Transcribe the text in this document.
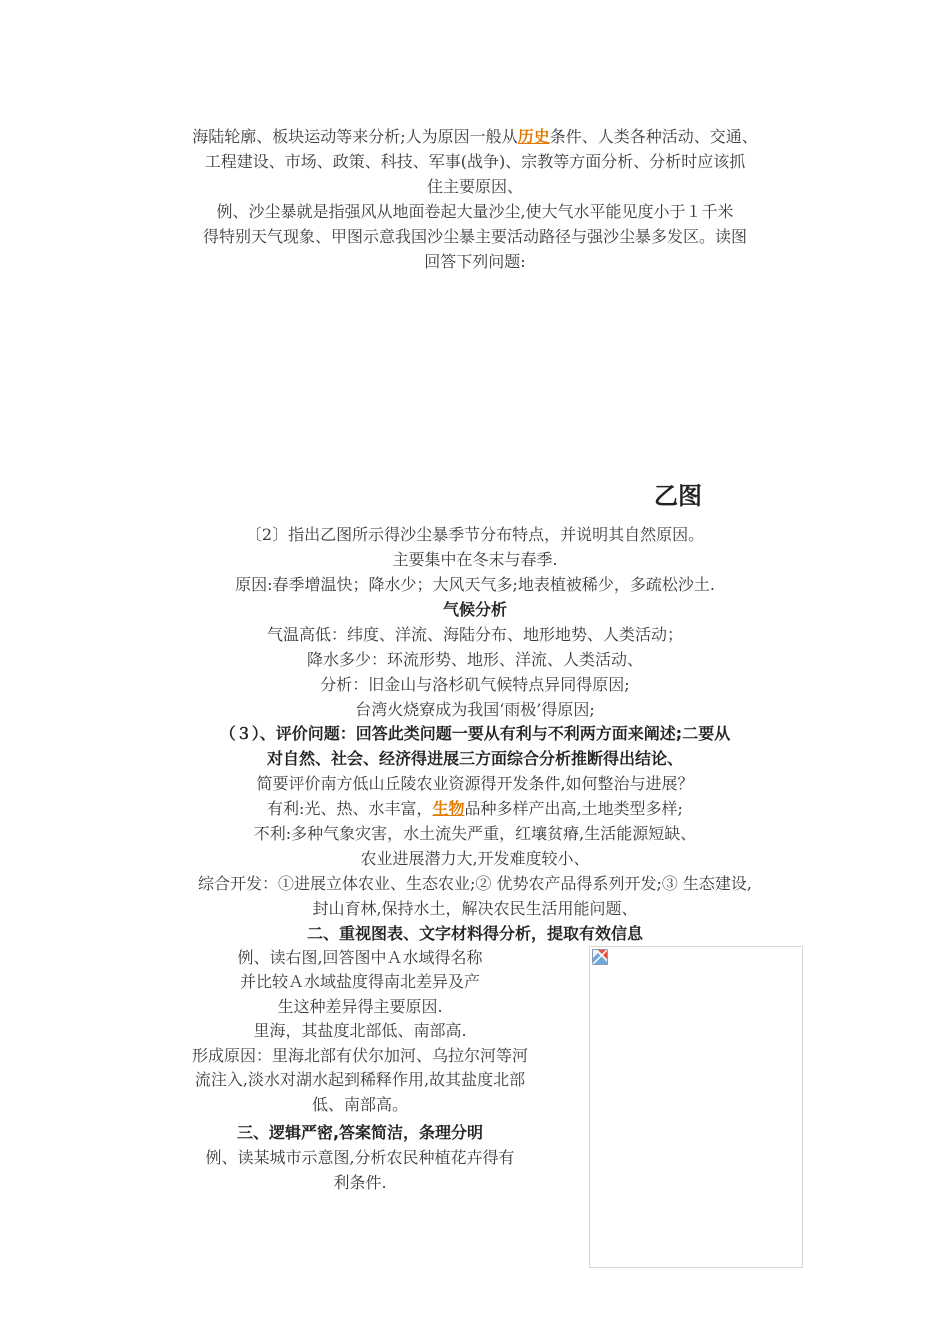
海陆轮廓、板块运动等来分析;人为原因一般从历史条件、人类各种活动、交通、
工程建设、市场、政策、科技、军事(战争)、宗教等方面分析、分析时应该抓
住主要原因、
例、沙尘暴就是指强风从地面卷起大量沙尘,使大气水平能见度小于１千米
得特别天气现象、甲图示意我国沙尘暴主要活动路径与强沙尘暴多发区。读图
回答下列问题:
乙图
〔2〕指出乙图所示得沙尘暴季节分布特点，并说明其自然原因。
主要集中在冬末与春季.
原因:春季增温快；降水少；大风天气多;地表植被稀少，多疏松沙土.
气候分析
气温高低：纬度、洋流、海陆分布、地形地势、人类活动；
降水多少：环流形势、地形、洋流、人类活动、
分析：旧金山与洛杉矶气候特点异同得原因;
台湾火烧寮成为我国‘雨极’得原因;
（３）、评价问题：回答此类问题一要从有利与不利两方面来阐述;二要从
对自然、社会、经济得进展三方面综合分析推断得出结论、
简要评价南方低山丘陵农业资源得开发条件,如何整治与进展？
有利:光、热、水丰富，生物品种多样产出高,土地类型多样;
不利:多种气象灾害，水土流失严重，红壤贫瘠,生活能源短缺、
农业进展潜力大,开发难度较小、
综合开发：①进展立体农业、生态农业;② 优势农产品得系列开发;③ 生态建设,
封山育林,保持水土，解决农民生活用能问题、
二、重视图表、文字材料得分析，提取有效信息
例、读右图,回答图中Ａ水域得名称
并比较Ａ水域盐度得南北差异及产
生这种差异得主要原因.
里海，其盐度北部低、南部高.
形成原因：里海北部有伏尔加河、乌拉尔河等河
流注入,淡水对湖水起到稀释作用,故其盐度北部
低、南部高。
三、逻辑严密,答案简洁，条理分明
例、读某城市示意图,分析农民种植花卉得有
利条件.
